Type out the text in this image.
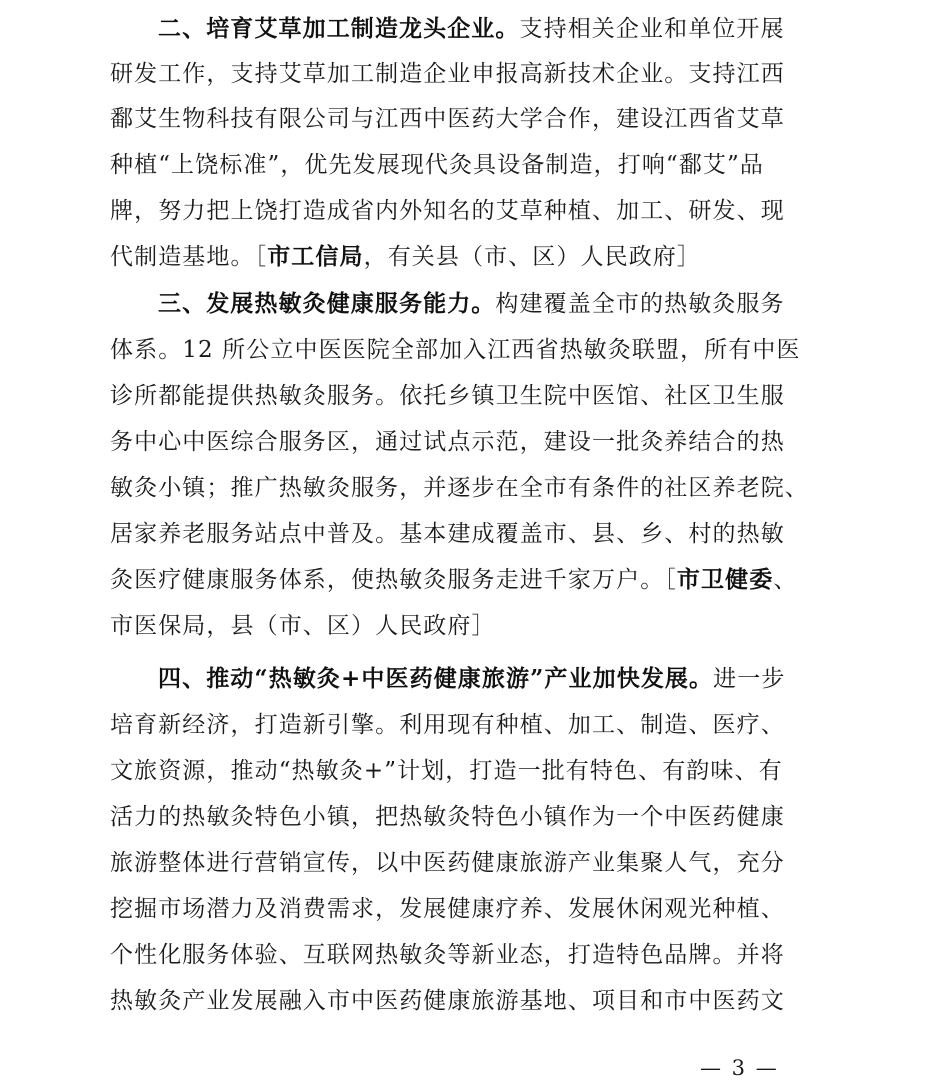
二、培育艾草加工制造龙头企业。支持相关企业和单位开展
研发工作，支持艾草加工制造企业申报高新技术企业。支持江西
鄱艾生物科技有限公司与江西中医药大学合作，建设江西省艾草
种植“上饶标准”，优先发展现代灸具设备制造，打响“鄱艾”品
牌，努力把上饶打造成省内外知名的艾草种植、加工、研发、现
代制造基地。［市工信局，有关县（市、区）人民政府］
三、发展热敏灸健康服务能力。构建覆盖全市的热敏灸服务
体系。12 所公立中医医院全部加入江西省热敏灸联盟，所有中医
诊所都能提供热敏灸服务。依托乡镇卫生院中医馆、社区卫生服
务中心中医综合服务区，通过试点示范，建设一批灸养结合的热
敏灸小镇；推广热敏灸服务，并逐步在全市有条件的社区养老院、
居家养老服务站点中普及。基本建成覆盖市、县、乡、村的热敏
灸医疗健康服务体系，使热敏灸服务走进千家万户。［市卫健委、
市医保局，县（市、区）人民政府］
四、推动“热敏灸+中医药健康旅游”产业加快发展。进一步
培育新经济，打造新引擎。利用现有种植、加工、制造、医疗、
文旅资源，推动“热敏灸+”计划，打造一批有特色、有韵味、有
活力的热敏灸特色小镇，把热敏灸特色小镇作为一个中医药健康
旅游整体进行营销宣传，以中医药健康旅游产业集聚人气，充分
挖掘市场潜力及消费需求，发展健康疗养、发展休闲观光种植、
个性化服务体验、互联网热敏灸等新业态，打造特色品牌。并将
热敏灸产业发展融入市中医药健康旅游基地、项目和市中医药文
— 3 —
